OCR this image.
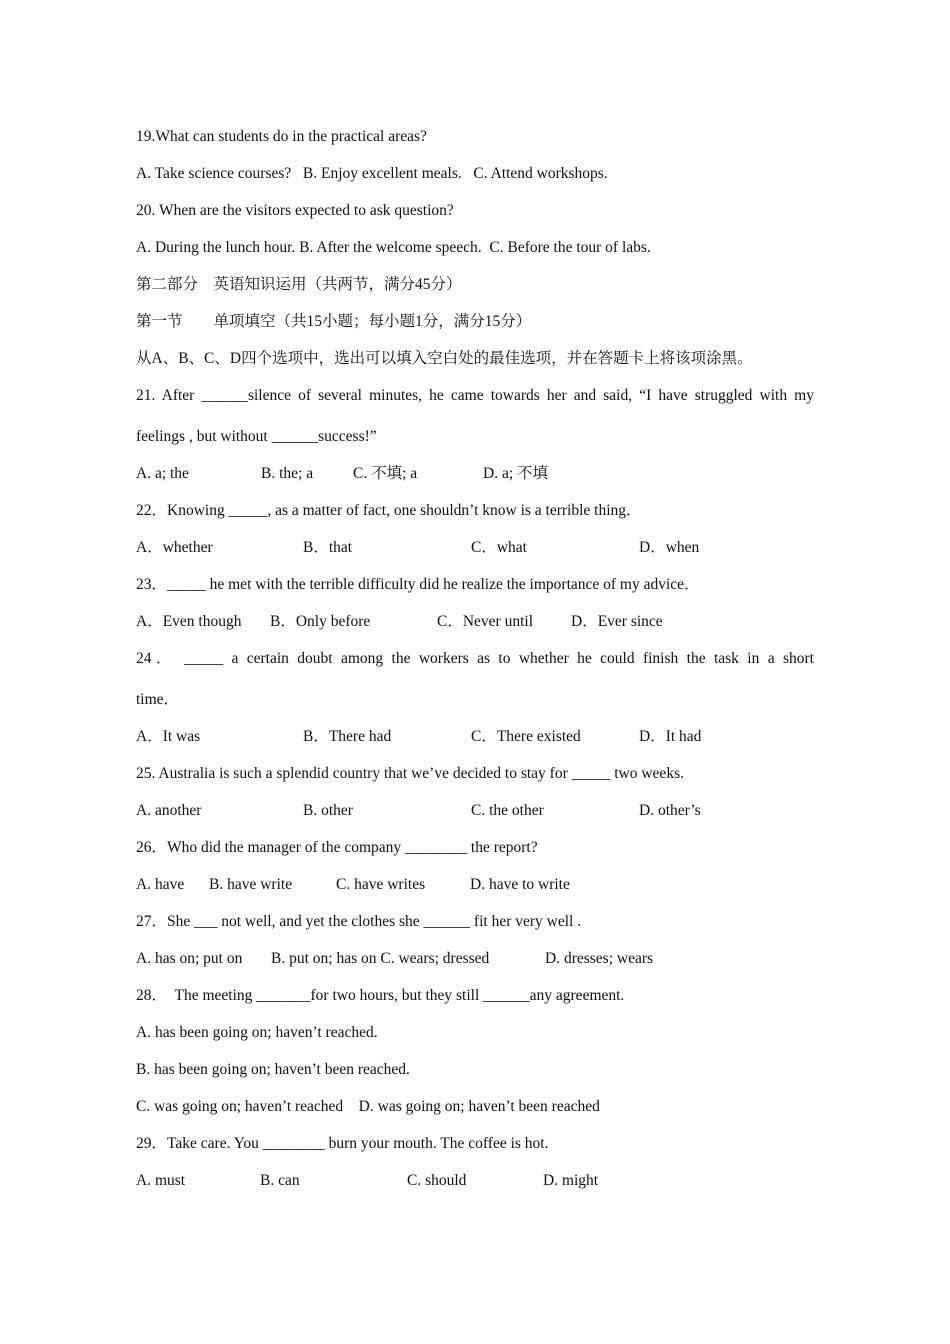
19.What can students do in the practical areas?
A. Take science courses?   B. Enjoy excellent meals.   C. Attend workshops.
20. When are the visitors expected to ask question?
A. During the lunch hour. B. After the welcome speech.  C. Before the tour of labs.
第二部分　英语知识运用（共两节，满分45分）
第一节　　单项填空（共15小题；每小题1分，满分15分）
从A、B、C、D四个选项中，选出可以填入空白处的最佳选项，并在答题卡上将该项涂黑。
21. After ______silence of several minutes, he came towards her and said, “I have struggled with my
feelings , but without ______success!”
A. a; the	B. the; a	C. 不填; a	D. a; 不填
22．Knowing _____, as a matter of fact, one shouldn’t know is a terrible thing．
A．whether	B．that	C．what	D．when
23．_____ he met with the terrible difficulty did he realize the importance of my advice．
A．Even though	B．Only before	C．Never until	D．Ever since
24． _____ a certain doubt among the workers as to whether he could finish the task in a short
time．
A．It was	B．There had	C．There existed	D．It had
25. Australia is such a splendid country that we’ve decided to stay for _____ two weeks.
A. another	B. other	C. the other	D. other’s
26．Who did the manager of the company ________ the report?
A. have	B. have write	C. have writes	D. have to write
27．She ___ not well, and yet the clothes she ______ fit her very well .
A. has on; put on	B. put on; has on C. wears; dressed	D. dresses; wears
28．  The meeting _______for two hours, but they still ______any agreement.
A. has been going on; haven’t reached.
B. has been going on; haven’t been reached.
C. was going on; haven’t reached    D. was going on; haven’t been reached
29．Take care. You ________ burn your mouth. The coffee is hot.
A. must	B. can	C. should	D. might
